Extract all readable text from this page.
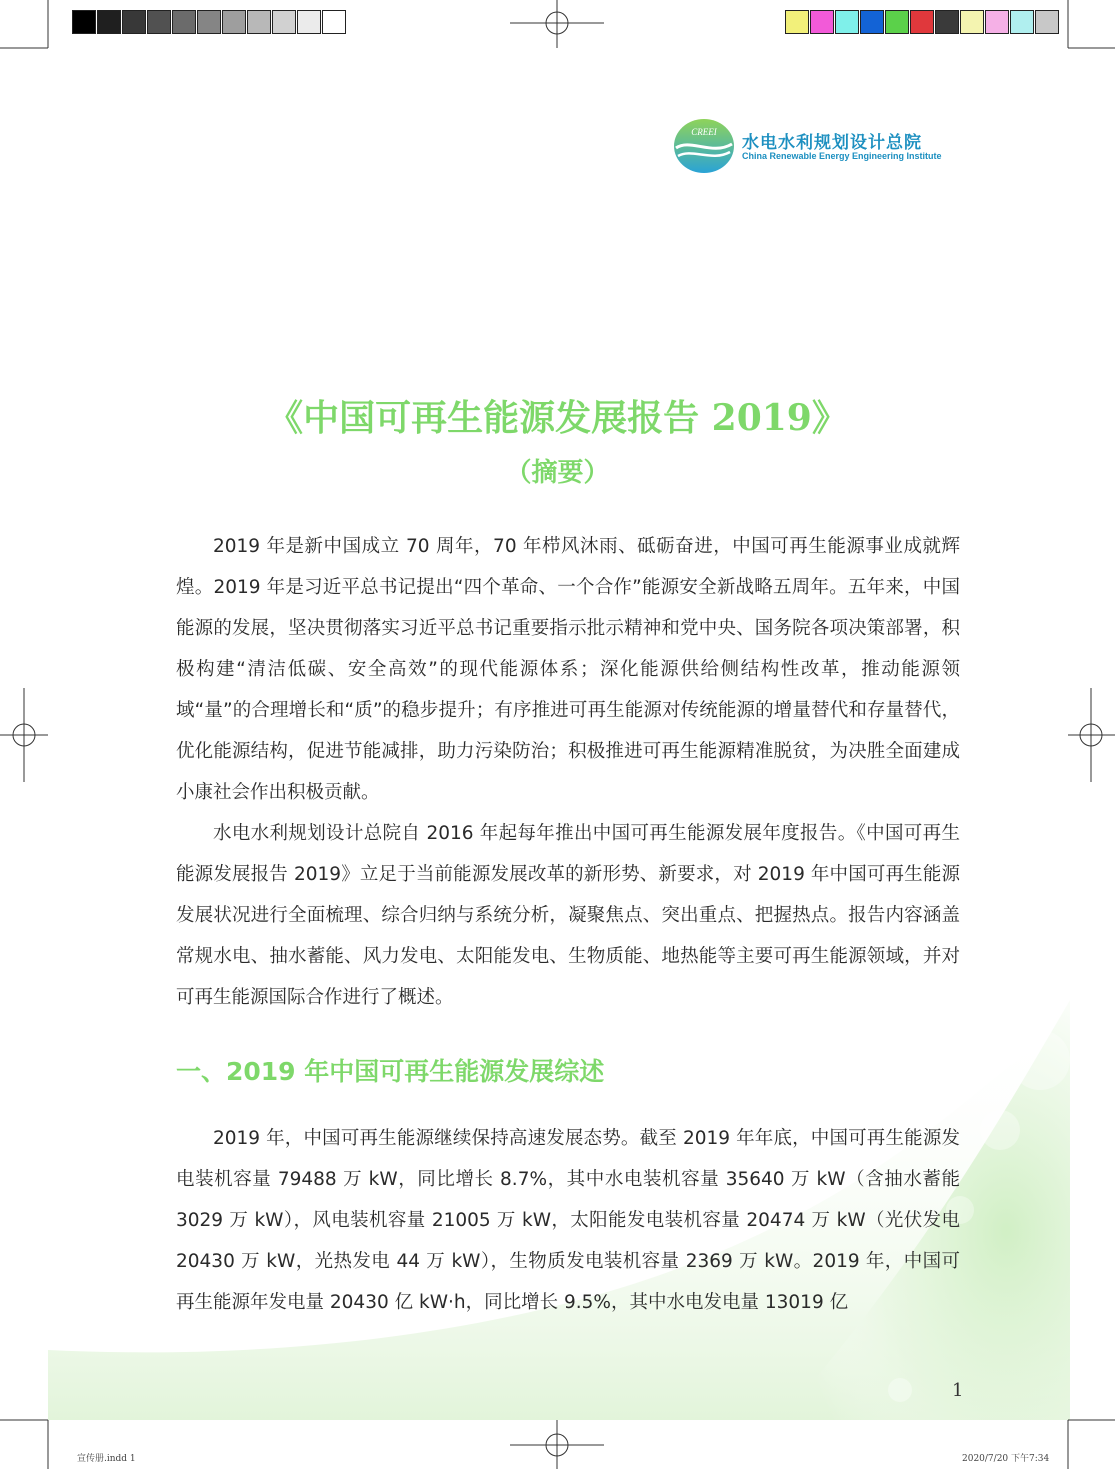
CREEI
水电水利规划设计总院
China Renewable Energy Engineering Institute
《中国可再生能源发展报告 2019》
（摘要）

2019 年是新中国成立 70 周年，70 年栉风沐雨、砥砺奋进，中国可再生能源事业成就辉煌。2019 年是习近平总书记提出“四个革命、一个合作”能源安全新战略五周年。五年来，中国能源的发展，坚决贯彻落实习近平总书记重要指示批示精神和党中央、国务院各项决策部署，积极构建“清洁低碳、安全高效”的现代能源体系；深化能源供给侧结构性改革，推动能源领域“量”的合理增长和“质”的稳步提升；有序推进可再生能源对传统能源的增量替代和存量替代，优化能源结构，促进节能减排，助力污染防治；积极推进可再生能源精准脱贫，为决胜全面建成小康社会作出积极贡献。

水电水利规划设计总院自 2016 年起每年推出中国可再生能源发展年度报告。《中国可再生能源发展报告 2019》立足于当前能源发展改革的新形势、新要求，对 2019 年中国可再生能源发展状况进行全面梳理、综合归纳与系统分析，凝聚焦点、突出重点、把握热点。报告内容涵盖常规水电、抽水蓄能、风力发电、太阳能发电、生物质能、地热能等主要可再生能源领域，并对可再生能源国际合作进行了概述。

一、2019 年中国可再生能源发展综述

2019 年，中国可再生能源继续保持高速发展态势。截至 2019 年年底，中国可再生能源发电装机容量 79488 万 kW，同比增长 8.7%，其中水电装机容量 35640 万 kW（含抽水蓄能 3029 万 kW），风电装机容量 21005 万 kW，太阳能发电装机容量 20474 万 kW（光伏发电 20430 万 kW，光热发电 44 万 kW），生物质发电装机容量 2369 万 kW。2019 年，中国可再生能源年发电量 20430 亿 kW·h，同比增长 9.5%，其中水电发电量 13019 亿

1
宣传册.indd 1	2020/7/20 下午7:34
